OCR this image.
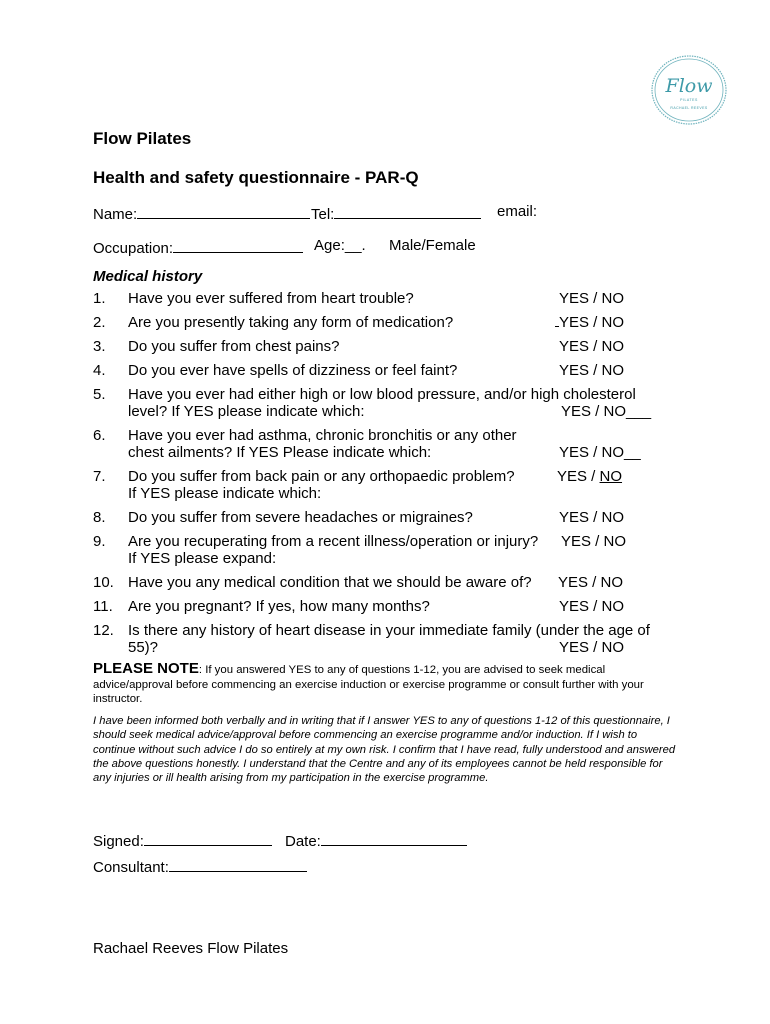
Flow
PILATES
RACHAEL REEVES
Flow Pilates
Health and safety questionnaire - PAR-Q
Name:	Tel:	email:
Occupation:	Age:__. Male/Female
Medical history
1. Have you ever suffered from heart trouble?	YES / NO
2. Are you presently taking any form of medication?	YES / NO
3. Do you suffer from chest pains?	YES / NO
4. Do you ever have spells of dizziness or feel faint?	YES / NO
5. Have you ever had either high or low blood pressure, and/or high cholesterol
level? If YES please indicate which:	YES / NO___
6. Have you ever had asthma, chronic bronchitis or any other
chest ailments? If YES Please indicate which:	YES / NO__
7. Do you suffer from back pain or any orthopaedic problem?
If YES please indicate which:
YES / NO
8. Do you suffer from severe headaches or migraines?	YES / NO
9. Are you recuperating from a recent illness/operation or injury?
If YES please expand:
YES / NO
10. Have you any medical condition that we should be aware of? YES / NO
11. Are you pregnant? If yes, how many months?	YES / NO
12. Is there any history of heart disease in your immediate family (under the age of
55)?	YES / NO
PLEASE NOTE: If you answered YES to any of questions 1-12, you are advised to seek medical advice/approval before commencing an exercise induction or exercise programme or consult further with your instructor.
I have been informed both verbally and in writing that if I answer YES to any of questions 1-12 of this questionnaire, I should seek medical advice/approval before commencing an exercise programme and/or induction. If I wish to continue without such advice I do so entirely at my own risk. I confirm that I have read, fully understood and answered the above questions honestly. I understand that the Centre and any of its employees cannot be held responsible for any injuries or ill health arising from my participation in the exercise programme.
Signed:	Date:
Consultant:
Rachael Reeves Flow Pilates
